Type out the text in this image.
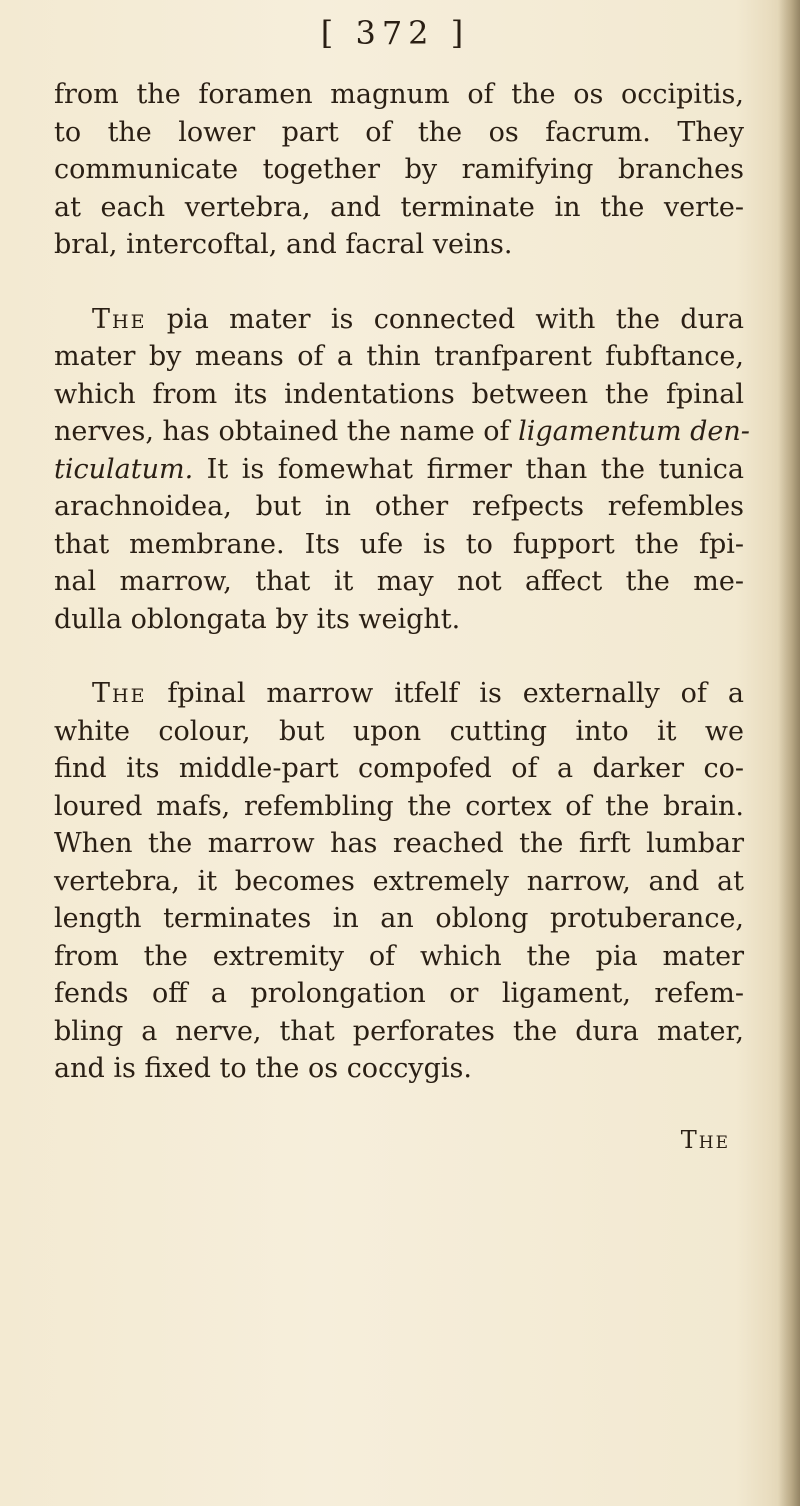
[ 372 ]

from the foramen magnum of the os occipitis,
to the lower part of the os facrum. They
communicate together by ramifying branches
at each vertebra, and terminate in the verte-
bral, intercoftal, and facral veins.

The pia mater is connected with the dura
mater by means of a thin tranfparent fubftance,
which from its indentations between the fpinal
nerves, has obtained the name of ligamentum den-
ticulatum. It is fomewhat firmer than the tunica
arachnoidea, but in other refpects refembles
that membrane. Its ufe is to fupport the fpi-
nal marrow, that it may not affect the me-
dulla oblongata by its weight.

The fpinal marrow itfelf is externally of a
white colour, but upon cutting into it we
find its middle-part compofed of a darker co-
loured mafs, refembling the cortex of the brain.
When the marrow has reached the firft lumbar
vertebra, it becomes extremely narrow, and at
length terminates in an oblong protuberance,
from the extremity of which the pia mater
fends off a prolongation or ligament, refem-
bling a nerve, that perforates the dura mater,
and is fixed to the os coccygis.

The
